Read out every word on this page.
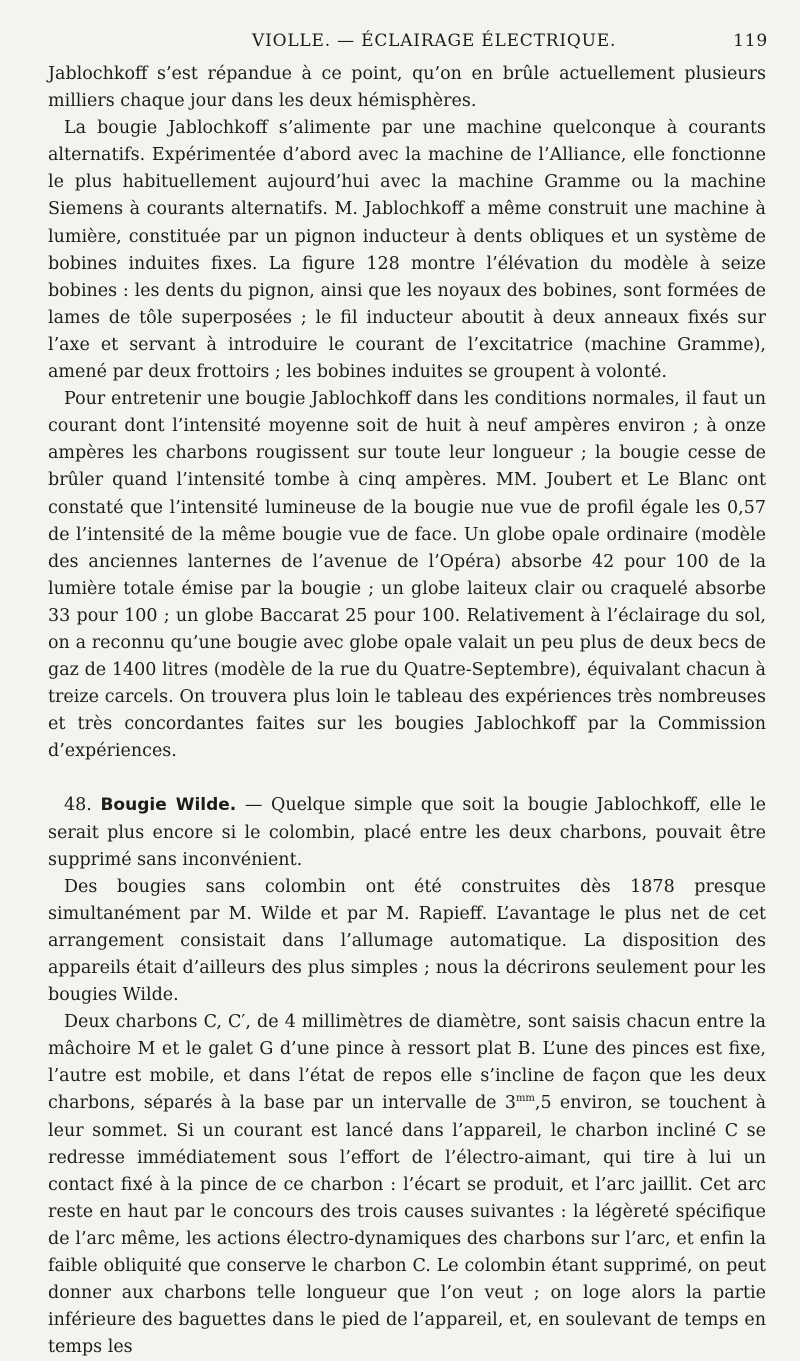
VIOLLE. — ÉCLAIRAGE ÉLECTRIQUE.	119

Jablochkoff s’est répandue à ce point, qu’on en brûle actuellement plusieurs milliers chaque jour dans les deux hémisphères.

La bougie Jablochkoff s’alimente par une machine quelconque à courants alternatifs. Expérimentée d’abord avec la machine de l’Alliance, elle fonctionne le plus habituellement aujourd’hui avec la machine Gramme ou la machine Siemens à courants alternatifs. M. Jablochkoff a même construit une machine à lumière, constituée par un pignon inducteur à dents obliques et un système de bobines induites fixes. La figure 128 montre l’élévation du modèle à seize bobines : les dents du pignon, ainsi que les noyaux des bobines, sont formées de lames de tôle superposées ; le fil inducteur aboutit à deux anneaux fixés sur l’axe et servant à introduire le courant de l’excitatrice (machine Gramme), amené par deux frottoirs ; les bobines induites se groupent à volonté.

Pour entretenir une bougie Jablochkoff dans les conditions normales, il faut un courant dont l’intensité moyenne soit de huit à neuf ampères environ ; à onze ampères les charbons rougissent sur toute leur longueur ; la bougie cesse de brûler quand l’intensité tombe à cinq ampères. MM. Joubert et Le Blanc ont constaté que l’intensité lumineuse de la bougie nue vue de profil égale les 0,57 de l’intensité de la même bougie vue de face. Un globe opale ordinaire (modèle des anciennes lanternes de l’avenue de l’Opéra) absorbe 42 pour 100 de la lumière totale émise par la bougie ; un globe laiteux clair ou craquelé absorbe 33 pour 100 ; un globe Baccarat 25 pour 100. Relativement à l’éclairage du sol, on a reconnu qu’une bougie avec globe opale valait un peu plus de deux becs de gaz de 1400 litres (modèle de la rue du Quatre-Septembre), équivalant chacun à treize carcels. On trouvera plus loin le tableau des expériences très nombreuses et très concordantes faites sur les bougies Jablochkoff par la Commission d’expériences.

48. Bougie Wilde. — Quelque simple que soit la bougie Jablochkoff, elle le serait plus encore si le colombin, placé entre les deux charbons, pouvait être supprimé sans inconvénient.

Des bougies sans colombin ont été construites dès 1878 presque simultanément par M. Wilde et par M. Rapieff. L’avantage le plus net de cet arrangement consistait dans l’allumage automatique. La disposition des appareils était d’ailleurs des plus simples ; nous la décrirons seulement pour les bougies Wilde.

Deux charbons C, C′, de 4 millimètres de diamètre, sont saisis chacun entre la mâchoire M et le galet G d’une pince à ressort plat B. L’une des pinces est fixe, l’autre est mobile, et dans l’état de repos elle s’incline de façon que les deux charbons, séparés à la base par un intervalle de $3^{mm},5$ environ, se touchent à leur sommet. Si un courant est lancé dans l’appareil, le charbon incliné C se redresse immédiatement sous l’effort de l’électro-aimant, qui tire à lui un contact fixé à la pince de ce charbon : l’écart se produit, et l’arc jaillit. Cet arc reste en haut par le concours des trois causes suivantes : la légèreté spécifique de l’arc même, les actions électro-dynamiques des charbons sur l’arc, et enfin la faible obliquité que conserve le charbon C. Le colombin étant supprimé, on peut donner aux charbons telle longueur que l’on veut ; on loge alors la partie inférieure des baguettes dans le pied de l’appareil, et, en soulevant de temps en temps les
